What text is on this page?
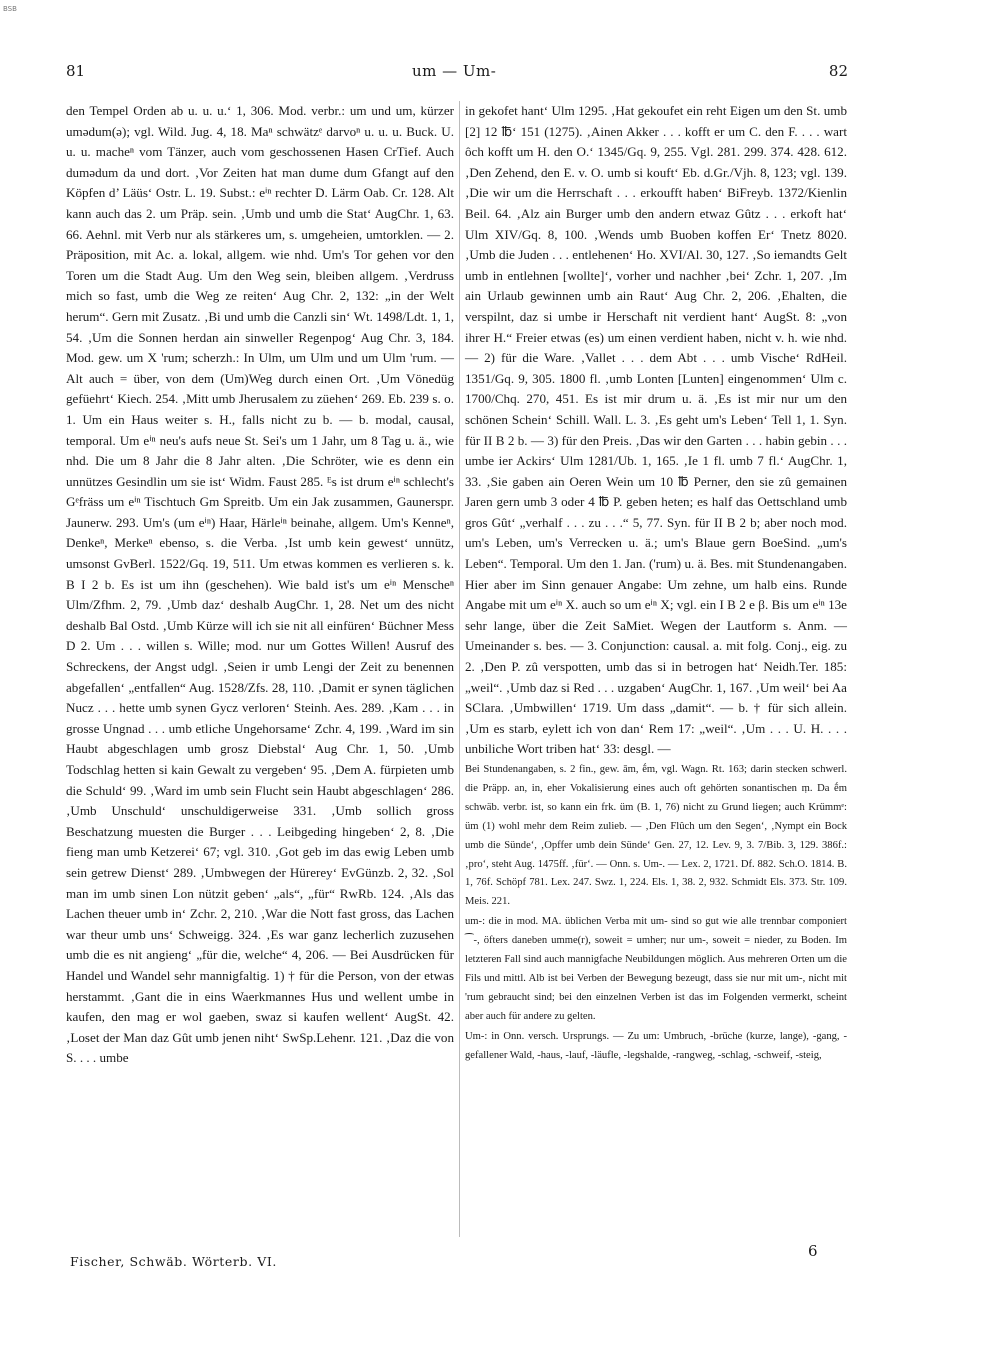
BSB
81	um — Um-	82

den Tempel Orden ab u. u. u.‘ 1, 306. Mod. verbr.: um und um, kürzer umədum(ə); vgl. Wild. Jug. 4, 18. Maⁿ schwätzᵉ darvoⁿ u. u. u. Buck. U. u. u. macheⁿ vom Tänzer, auch vom geschossenen Hasen CrTief. Auch dumədum da und dort. ‚Vor Zeiten hat man dume dum Gfangt auf den Köpfen d’ Läüs‘ Ostr. L. 19. Subst.: eⁱⁿ rechter D. Lärm Oab. Cr. 128. Alt kann auch das 2. um Präp. sein. ‚Umb und umb die Stat‘ AugChr. 1, 63. 66. Aehnl. mit Verb nur als stärkeres um, s. umgeheien, umtorklen. — 2. Präposition, mit Ac. a. lokal, allgem. wie nhd. Um's Tor gehen vor den Toren um die Stadt Aug. Um den Weg sein, bleiben allgem. ‚Verdruss mich so fast, umb die Weg ze reiten‘ Aug Chr. 2, 132: „in der Welt herum“. Gern mit Zusatz. ‚Bi und umb die Canzli sin‘ Wt. 1498/Ldt. 1, 1, 54. ‚Um die Sonnen herdan ain sinweller Regenpog‘ Aug Chr. 3, 184. Mod. gew. um X 'rum; scherzh.: In Ulm, um Ulm und um Ulm 'rum. — Alt auch = über, von dem (Um)Weg durch einen Ort. ‚Um Vönedüg gefüehrt‘ Kiech. 254. ‚Mitt umb Jherusalem zu züehen‘ 269. Eb. 239 s. o. 1. Um ein Haus weiter s. H., falls nicht zu b. — b. modal, causal, temporal. Um eⁱⁿ neu's aufs neue St. Sei's um 1 Jahr, um 8 Tag u. ä., wie nhd. Die um 8 Jahr die 8 Jahr alten. ‚Die Schröter, wie es denn ein unnützes Gesindlin um sie ist‘ Widm. Faust 285. ᴱs ist drum eⁱⁿ schlecht's Gᵉfräss um eⁱⁿ Tischtuch Gm Spreitb. Um ein Jak zusammen, Gaunerspr. Jaunerw. 293. Um's (um eⁱⁿ) Haar, Härleⁱⁿ beinahe, allgem. Um's Kenneⁿ, Denkeⁿ, Merkeⁿ ebenso, s. die Verba. ‚Ist umb kein gewest‘ unnütz, umsonst GvBerl. 1522/Gq. 19, 511. Um etwas kommen es verlieren s. k. B I 2 b. Es ist um ihn (geschehen). Wie bald ist's um eⁱⁿ Menscheⁿ Ulm/Zfhm. 2, 79. ‚Umb daz‘ deshalb AugChr. 1, 28. Net um des nicht deshalb Bal Ostd. ‚Umb Kürze will ich sie nit all einfüren‘ Büchner Mess D 2. Um . . . willen s. Wille; mod. nur um Gottes Willen! Ausruf des Schreckens, der Angst udgl. ‚Seien ir umb Lengi der Zeit zu benennen abgefallen‘ „entfallen“ Aug. 1528/Zfs. 28, 110. ‚Damit er synen täglichen Nucz . . . hette umb synen Gycz verloren‘ Steinh. Aes. 289. ‚Kam . . . in grosse Ungnad . . . umb etliche Ungehorsame‘ Zchr. 4, 199. ‚Ward im sin Haubt abgeschlagen umb grosz Diebstal‘ Aug Chr. 1, 50. ‚Umb Todschlag hetten si kain Gewalt zu vergeben‘ 95. ‚Dem A. fürpieten umb die Schuld‘ 99. ‚Ward im umb sein Flucht sein Haubt abgeschlagen‘ 286. ‚Umb Unschuld‘ unschuldigerweise 331. ‚Umb sollich gross Beschatzung muesten die Burger . . . Leibgeding hingeben‘ 2, 8. ‚Die fieng man umb Ketzerei‘ 67; vgl. 310. ‚Got geb im das ewig Leben umb sein getrew Dienst‘ 289. ‚Umbwegen der Hürerey‘ EvGünzb. 2, 32. ‚Sol man im umb sinen Lon nützit geben‘ „als“, „für“ RwRb. 124. ‚Als das Lachen theuer umb in‘ Zchr. 2, 210. ‚War die Nott fast gross, das Lachen war theur umb uns‘ Schweigg. 324. ‚Es war ganz lecherlich zuzusehen umb die es nit angieng‘ „für die, welche“ 4, 206. — Bei Ausdrücken für Handel und Wandel sehr mannigfaltig. 1) † für die Person, von der etwas herstammt. ‚Gant die in eins Waerkmannes Hus und wellent umbe in kaufen, den mag er wol gaeben, swaz si kaufen wellent‘ AugSt. 42. ‚Loset der Man daz Gût umb jenen niht‘ SwSp.Lehenr. 121. ‚Daz die von S. . . . umbe

in gekofet hant‘ Ulm 1295. ‚Hat gekoufet ein reht Eigen um den St. umb [2] 12 ℔‘ 151 (1275). ‚Ainen Akker . . . kofft er um C. den F. . . . wart ôch kofft um H. den O.‘ 1345/Gq. 9, 255. Vgl. 281. 299. 374. 428. 612. ‚Den Zehend, den E. v. O. umb si kouft‘ Eb. d.Gr./Vjh. 8, 123; vgl. 139. ‚Die wir um die Herrschaft . . . erkoufft haben‘ BiFreyb. 1372/Kienlin Beil. 64. ‚Alz ain Burger umb den andern etwaz Gûtz . . . erkoft hat‘ Ulm XIV/Gq. 8, 100. ‚Wends umb Buoben koffen Er‘ Tnetz 8020. ‚Umb die Juden . . . entlehenen‘ Ho. XVI/Al. 30, 127. ‚So iemandts Gelt umb in entlehnen [wollte]‘, vorher und nachher ‚bei‘ Zchr. 1, 207. ‚Im ain Urlaub gewinnen umb ain Raut‘ Aug Chr. 2, 206. ‚Ehalten, die verspilnt, daz si umbe ir Herschaft nit verdient hant‘ AugSt. 8: „von ihrer H.“ Freier etwas (es) um einen verdient haben, nicht v. h. wie nhd. — 2) für die Ware. ‚Vallet . . . dem Abt . . . umb Vische‘ RdHeil. 1351/Gq. 9, 305. 1800 fl. ‚umb Lonten [Lunten] eingenommen‘ Ulm c. 1700/Chq. 270, 451. Es ist mir drum u. ä. ‚Es ist mir nur um den schönen Schein‘ Schill. Wall. L. 3. ‚Es geht um's Leben‘ Tell 1, 1. Syn. für II B 2 b. — 3) für den Preis. ‚Das wir den Garten . . . habin gebin . . . umbe ier Ackirs‘ Ulm 1281/Ub. 1, 165. ‚Ie 1 fl. umb 7 fl.‘ AugChr. 1, 33. ‚Sie gaben ain Oeren Wein um 10 ℔ Perner, den sie zû gemainen Jaren gern umb 3 oder 4 ℔ P. geben heten; es half das Oettschland umb gros Gût‘ „verhalf . . . zu . . .“ 5, 77. Syn. für II B 2 b; aber noch mod. um's Leben, um's Verrecken u. ä.; um's Blaue gern BoeSind. „um's Leben“. Temporal. Um den 1. Jan. ('rum) u. ä. Bes. mit Stundenangaben. Hier aber im Sinn genauer Angabe: Um zehne, um halb eins. Runde Angabe mit um eⁱⁿ X. auch so um eⁱⁿ X; vgl. ein I B 2 e β. Bis um eⁱⁿ 13e sehr lange, über die Zeit SaMiet. Wegen der Lautform s. Anm. — Umeinander s. bes. — 3. Conjunction: causal. a. mit folg. Conj., eig. zu 2. ‚Den P. zû verspotten, umb das si in betrogen hat‘ Neidh.Ter. 185: „weil“. ‚Umb daz si Red . . . uzgaben‘ AugChr. 1, 167. ‚Um weil‘ bei Aa SClara. ‚Umbwillen‘ 1719. Um dass „damit“. — b. † für sich allein. ‚Um es starb, eylett ich von dan‘ Rem 17: „weil“. ‚Um . . . U. H. . . . unbiliche Wort triben hat‘ 33: desgl. —

Bei Stundenangaben, s. 2 fin., gew. ām, ḗm, vgl. Wagn. Rt. 163; darin stecken schwerl. die Präpp. an, in, eher Vokalisierung eines auch oft gehörten sonantischen ṃ. Da ḗm schwäb. verbr. ist, so kann ein frk. üm (B. 1, 76) nicht zu Grund liegen; auch Krümmᵉ: üm (1) wohl mehr dem Reim zulieb. — ‚Den Flûch um den Segen‘, ‚Nympt ein Bock umb die Sünde‘, ‚Opffer umb dein Sünde‘ Gen. 27, 12. Lev. 9, 3. 7/Bib. 3, 129. 386f.: ‚pro‘, steht Aug. 1475ff. ‚für‘. — Onn. s. Um-. — Lex. 2, 1721. Df. 882. Sch.O. 1814. B. 1, 76f. Schöpf 781. Lex. 247. Swz. 1, 224. Els. 1, 38. 2, 932. Schmidt Els. 373. Str. 109. Meis. 221.

um-: die in mod. MA. üblichen Verba mit um- sind so gut wie alle trennbar componiert ⁀-, öfters daneben umme(r), soweit = umher; nur um-, soweit = nieder, zu Boden. Im letzteren Fall sind auch mannigfache Neubildungen möglich. Aus mehreren Orten um die Fils und mittl. Alb ist bei Verben der Bewegung bezeugt, dass sie nur mit um-, nicht mit 'rum gebraucht sind; bei den einzelnen Verben ist das im Folgenden vermerkt, scheint aber auch für andere zu gelten.

Um-: in Onn. versch. Ursprungs. — Zu um: Umbruch, -brüche (kurze, lange), -gang, -gefallener Wald, -haus, -lauf, -läufle, -legshalde, -rangweg, -schlag, -schweif, -steig,

Fischer, Schwäb. Wörterb. VI.
6
